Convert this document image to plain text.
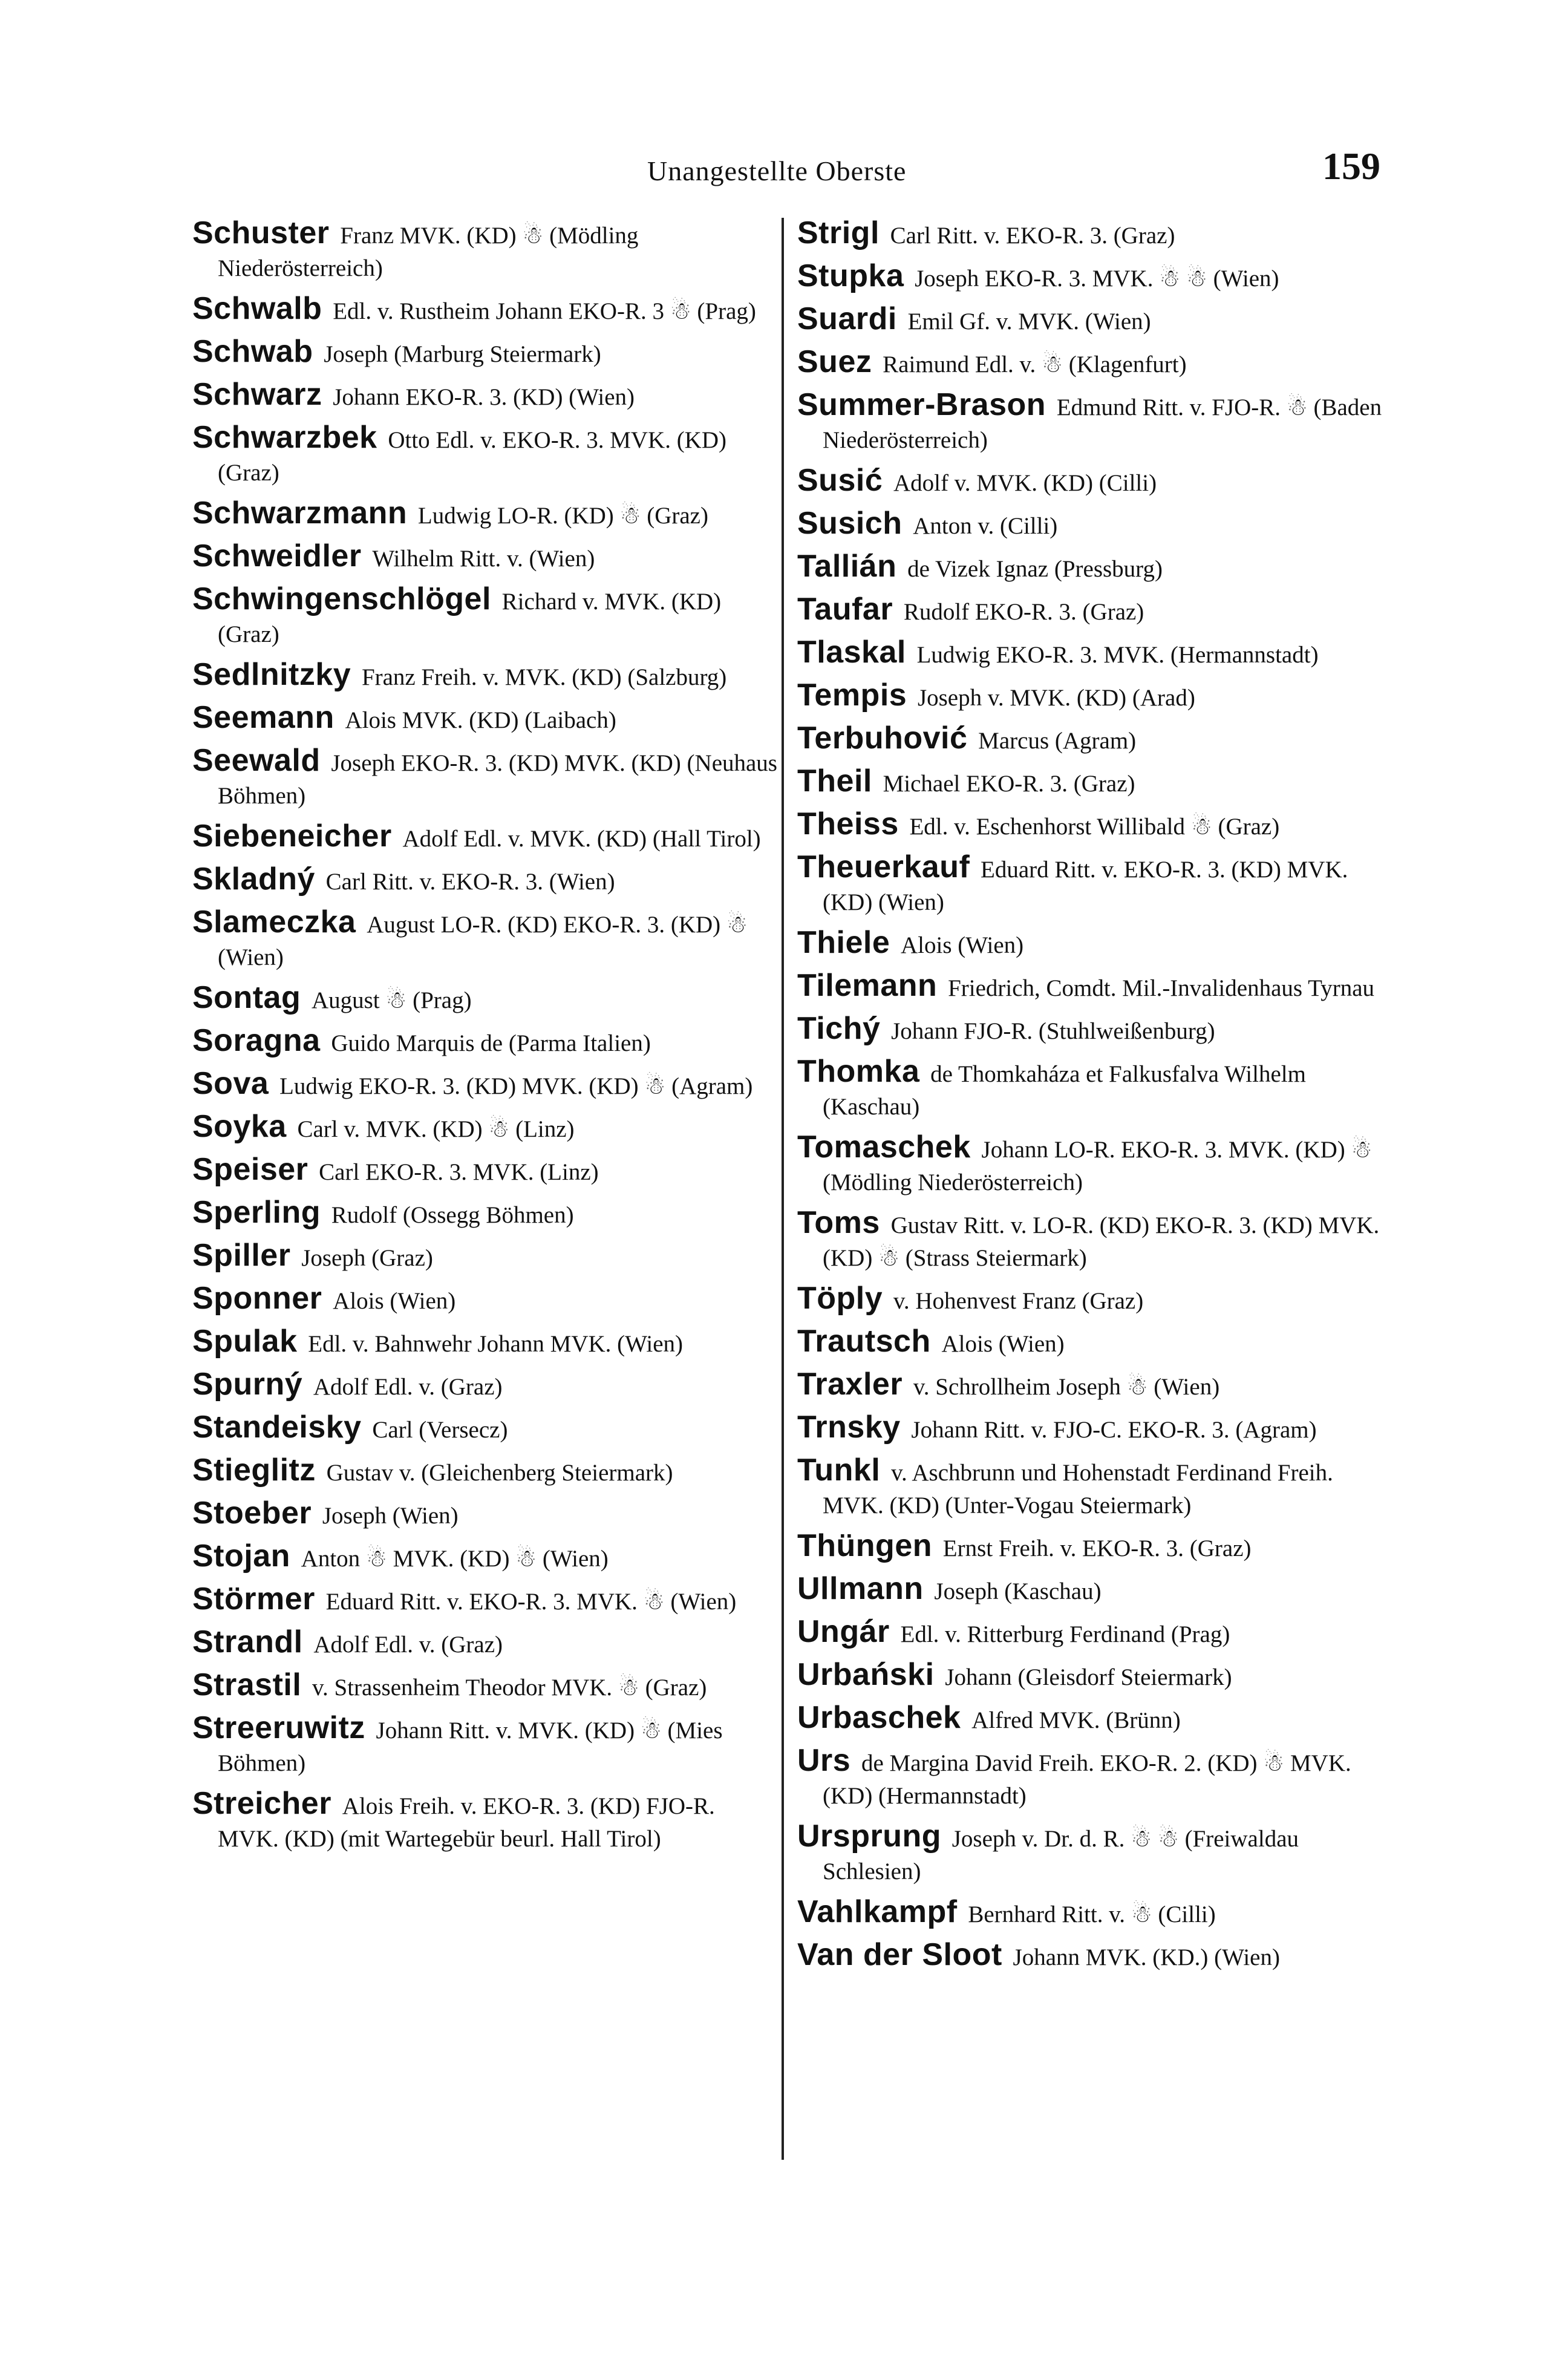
Unangestellte Oberste	159
Schuster Franz MVK. (KD) ☃ (Mödling Niederösterreich)
Schwalb Edl. v. Rustheim Johann EKO-R. 3 ☃ (Prag)
Schwab Joseph (Marburg Steiermark)
Schwarz Johann EKO-R. 3. (KD) (Wien)
Schwarzbek Otto Edl. v. EKO-R. 3. MVK. (KD) (Graz)
Schwarzmann Ludwig LO-R. (KD) ☃ (Graz)
Schweidler Wilhelm Ritt. v. (Wien)
Schwingenschlögel Richard v. MVK. (KD) (Graz)
Sedlnitzky Franz Freih. v. MVK. (KD) (Salzburg)
Seemann Alois MVK. (KD) (Laibach)
Seewald Joseph EKO-R. 3. (KD) MVK. (KD) (Neuhaus Böhmen)
Siebeneicher Adolf Edl. v. MVK. (KD) (Hall Tirol)
Skladný Carl Ritt. v. EKO-R. 3. (Wien)
Slameczka August LO-R. (KD) EKO-R. 3. (KD) ☃ (Wien)
Sontag August ☃ (Prag)
Soragna Guido Marquis de (Parma Italien)
Sova Ludwig EKO-R. 3. (KD) MVK. (KD) ☃ (Agram)
Soyka Carl v. MVK. (KD) ☃ (Linz)
Speiser Carl EKO-R. 3. MVK. (Linz)
Sperling Rudolf (Ossegg Böhmen)
Spiller Joseph (Graz)
Sponner Alois (Wien)
Spulak Edl. v. Bahnwehr Johann MVK. (Wien)
Spurný Adolf Edl. v. (Graz)
Standeisky Carl (Versecz)
Stieglitz Gustav v. (Gleichenberg Steiermark)
Stoeber Joseph (Wien)
Stojan Anton ☃ MVK. (KD) ☃ (Wien)
Störmer Eduard Ritt. v. EKO-R. 3. MVK. ☃ (Wien)
Strandl Adolf Edl. v. (Graz)
Strastil v. Strassenheim Theodor MVK. ☃ (Graz)
Streeruwitz Johann Ritt. v. MVK. (KD) ☃ (Mies Böhmen)
Streicher Alois Freih. v. EKO-R. 3. (KD) FJO-R. MVK. (KD) (mit Wartegebür beurl. Hall Tirol)
Strigl Carl Ritt. v. EKO-R. 3. (Graz)
Stupka Joseph EKO-R. 3. MVK. ☃ ☃ (Wien)
Suardi Emil Gf. v. MVK. (Wien)
Suez Raimund Edl. v. ☃ (Klagenfurt)
Summer-Brason Edmund Ritt. v. FJO-R. ☃ (Baden Niederösterreich)
Susić Adolf v. MVK. (KD) (Cilli)
Susich Anton v. (Cilli)
Tallián de Vizek Ignaz (Pressburg)
Taufar Rudolf EKO-R. 3. (Graz)
Tlaskal Ludwig EKO-R. 3. MVK. (Hermannstadt)
Tempis Joseph v. MVK. (KD) (Arad)
Terbuhović Marcus (Agram)
Theil Michael EKO-R. 3. (Graz)
Theiss Edl. v. Eschenhorst Willibald ☃ (Graz)
Theuerkauf Eduard Ritt. v. EKO-R. 3. (KD) MVK. (KD) (Wien)
Thiele Alois (Wien)
Tilemann Friedrich, Comdt. Mil.-Invalidenhaus Tyrnau
Tichý Johann FJO-R. (Stuhlweißenburg)
Thomka de Thomkaháza et Falkusfalva Wilhelm (Kaschau)
Tomaschek Johann LO-R. EKO-R. 3. MVK. (KD) ☃ (Mödling Niederösterreich)
Toms Gustav Ritt. v. LO-R. (KD) EKO-R. 3. (KD) MVK. (KD) ☃ (Strass Steiermark)
Töply v. Hohenvest Franz (Graz)
Trautsch Alois (Wien)
Traxler v. Schrollheim Joseph ☃ (Wien)
Trnsky Johann Ritt. v. FJO-C. EKO-R. 3. (Agram)
Tunkl v. Aschbrunn und Hohenstadt Ferdinand Freih. MVK. (KD) (Unter-Vogau Steiermark)
Thüngen Ernst Freih. v. EKO-R. 3. (Graz)
Ullmann Joseph (Kaschau)
Ungár Edl. v. Ritterburg Ferdinand (Prag)
Urbański Johann (Gleisdorf Steiermark)
Urbaschek Alfred MVK. (Brünn)
Urs de Margina David Freih. EKO-R. 2. (KD) ☃ MVK. (KD) (Hermannstadt)
Ursprung Joseph v. Dr. d. R. ☃ ☃ (Freiwaldau Schlesien)
Vahlkampf Bernhard Ritt. v. ☃ (Cilli)
Van der Sloot Johann MVK. (KD.) (Wien)
